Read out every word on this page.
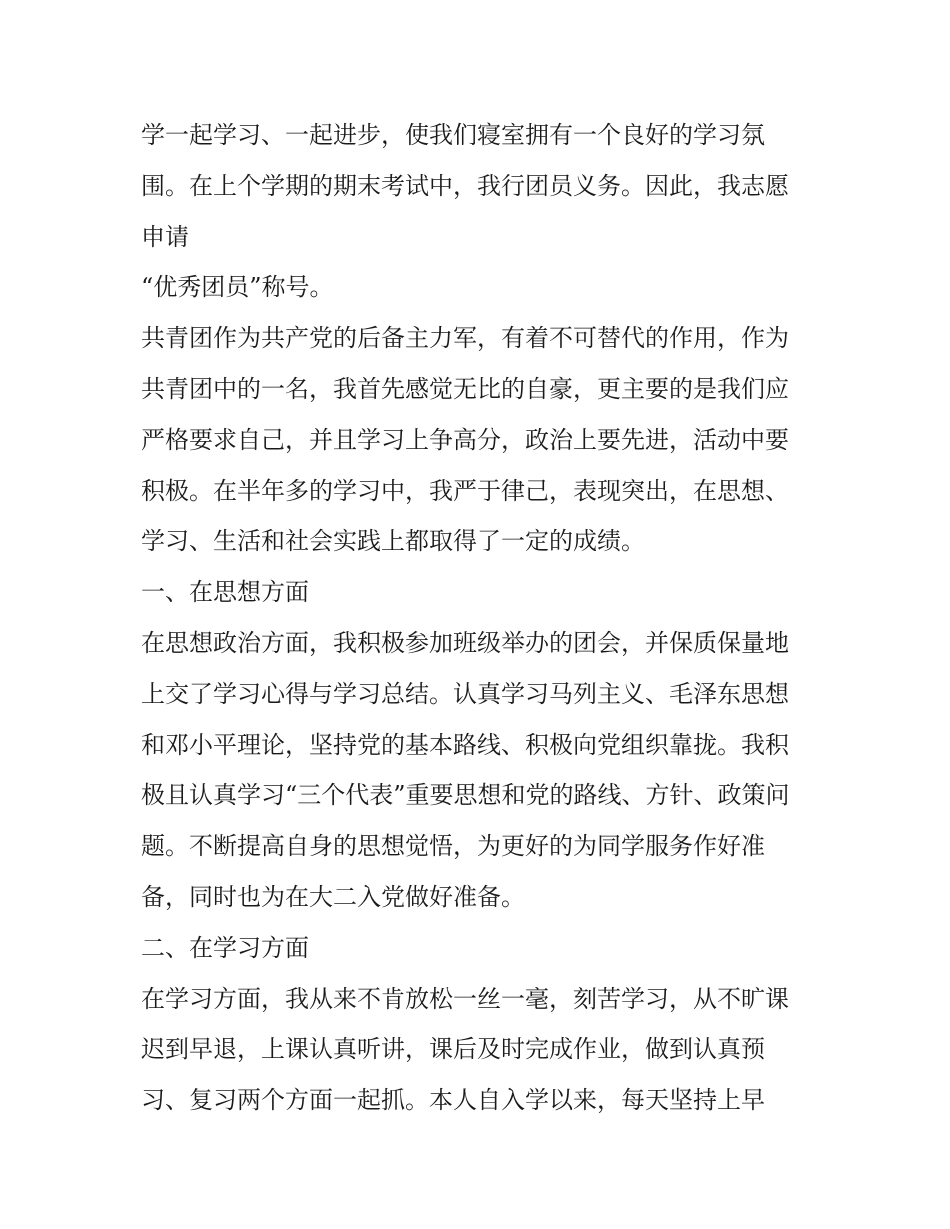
学一起学习、一起进步，使我们寝室拥有一个良好的学习氛
围。在上个学期的期末考试中，我行团员义务。因此，我志愿
申请
“优秀团员”称号。
共青团作为共产党的后备主力军，有着不可替代的作用，作为
共青团中的一名，我首先感觉无比的自豪，更主要的是我们应
严格要求自己，并且学习上争高分，政治上要先进，活动中要
积极。在半年多的学习中，我严于律己，表现突出，在思想、
学习、生活和社会实践上都取得了一定的成绩。
一、在思想方面
在思想政治方面，我积极参加班级举办的团会，并保质保量地
上交了学习心得与学习总结。认真学习马列主义、毛泽东思想
和邓小平理论，坚持党的基本路线、积极向党组织靠拢。我积
极且认真学习“三个代表”重要思想和党的路线、方针、政策问
题。不断提高自身的思想觉悟，为更好的为同学服务作好准
备，同时也为在大二入党做好准备。
二、在学习方面
在学习方面，我从来不肯放松一丝一毫，刻苦学习，从不旷课
迟到早退，上课认真听讲，课后及时完成作业，做到认真预
习、复习两个方面一起抓。本人自入学以来，每天坚持上早
